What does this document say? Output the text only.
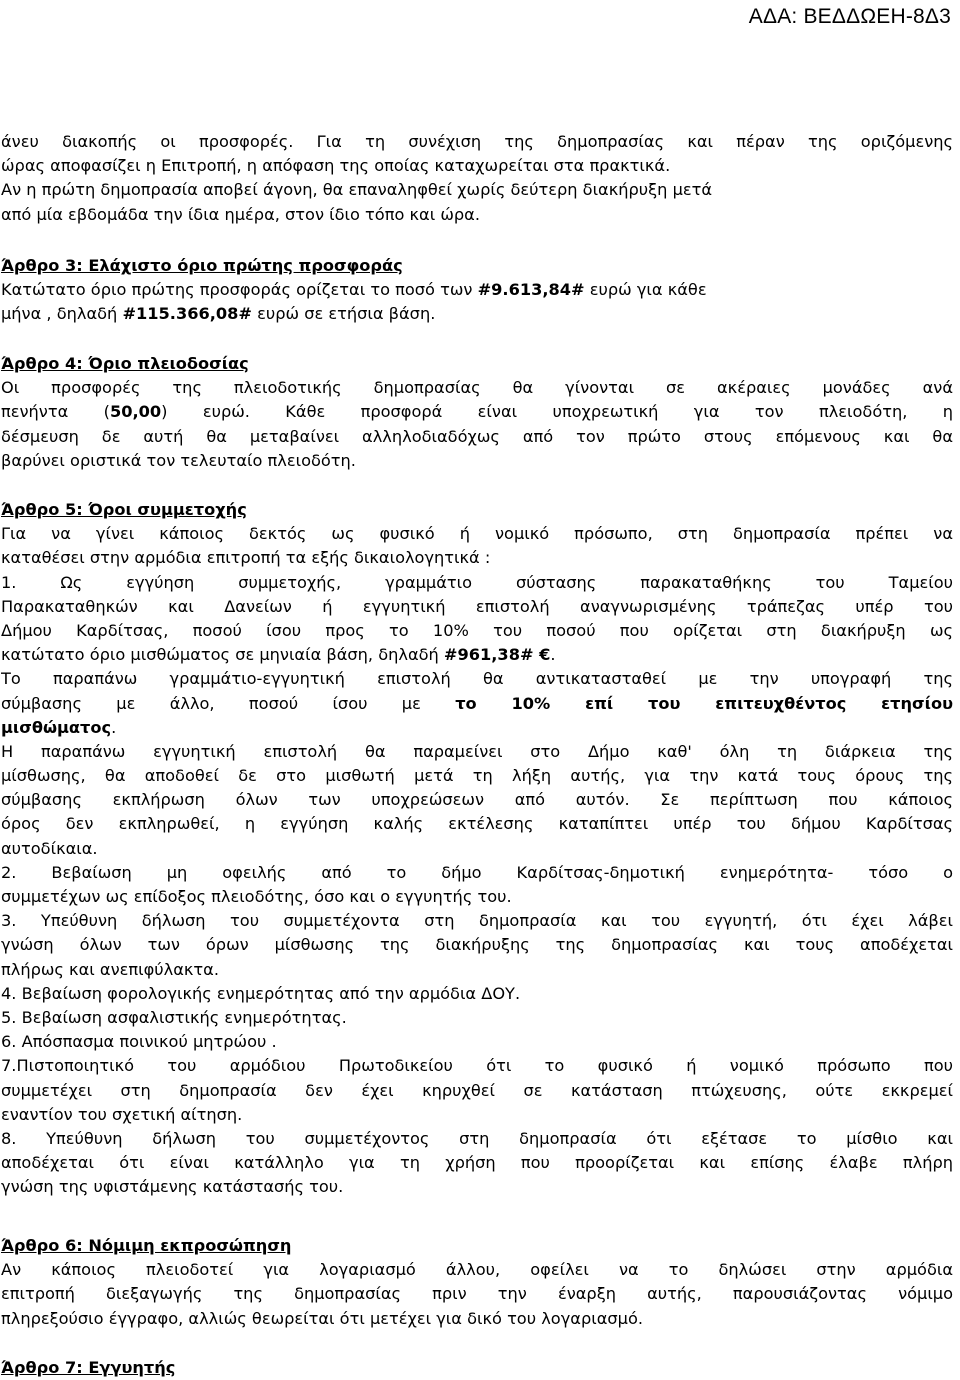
ΑΔΑ: ΒΕΔΔΩΕΗ-8Δ3
άνευ διακοπής οι προσφορές. Για τη συνέχιση της δημοπρασίας και πέραν της οριζόμενης
ώρας αποφασίζει η Επιτροπή, η απόφαση της οποίας καταχωρείται στα πρακτικά.
Αν η πρώτη δημοπρασία αποβεί άγονη, θα επαναληφθεί χωρίς δεύτερη διακήρυξη μετά
από μία εβδομάδα την ίδια ημέρα, στον ίδιο τόπο και ώρα.
Άρθρο 3: Ελάχιστο όριο πρώτης προσφοράς
Κατώτατο όριο πρώτης προσφοράς ορίζεται το ποσό των #9.613,84# ευρώ για κάθε
μήνα , δηλαδή #115.366,08# ευρώ σε ετήσια βάση.
Άρθρο 4: Όριο πλειοδοσίας
Οι προσφορές της πλειοδοτικής δημοπρασίας θα γίνονται σε ακέραιες μονάδες ανά
πενήντα (50,00) ευρώ. Κάθε προσφορά είναι υποχρεωτική για τον πλειοδότη, η
δέσμευση δε αυτή θα μεταβαίνει αλληλοδιαδόχως από τον πρώτο στους επόμενους και θα
βαρύνει οριστικά τον τελευταίο πλειοδότη.
Άρθρο 5: Όροι συμμετοχής
Για να γίνει κάποιος δεκτός ως φυσικό ή νομικό πρόσωπο, στη δημοπρασία πρέπει να
καταθέσει στην αρμόδια επιτροπή τα εξής δικαιολογητικά :
1. Ως εγγύηση συμμετοχής, γραμμάτιο σύστασης παρακαταθήκης του Ταμείου
Παρακαταθηκών και Δανείων ή εγγυητική επιστολή αναγνωρισμένης τράπεζας υπέρ του
Δήμου Καρδίτσας, ποσού ίσου προς το 10% του ποσού που ορίζεται στη διακήρυξη ως
κατώτατο όριο μισθώματος σε μηνιαία βάση, δηλαδή #961,38# €.
Το παραπάνω γραμμάτιο-εγγυητική επιστολή θα αντικατασταθεί με την υπογραφή της
σύμβασης με άλλο, ποσού ίσου με το 10% επί του επιτευχθέντος ετησίου
μισθώματος.
Η παραπάνω εγγυητική επιστολή θα παραμείνει στο Δήμο καθ' όλη τη διάρκεια της
μίσθωσης, θα αποδοθεί δε στο μισθωτή μετά τη λήξη αυτής, για την κατά τους όρους της
σύμβασης εκπλήρωση όλων των υποχρεώσεων από αυτόν. Σε περίπτωση που κάποιος
όρος δεν εκπληρωθεί, η εγγύηση καλής εκτέλεσης καταπίπτει υπέρ του δήμου Καρδίτσας
αυτοδίκαια.
2. Βεβαίωση μη οφειλής από το δήμο Καρδίτσας-δημοτική ενημερότητα- τόσο ο
συμμετέχων ως επίδοξος πλειοδότης, όσο και ο εγγυητής του.
3. Υπεύθυνη δήλωση του συμμετέχοντα στη δημοπρασία και του εγγυητή, ότι έχει λάβει
γνώση όλων των όρων μίσθωσης της διακήρυξης της δημοπρασίας και τους αποδέχεται
πλήρως και ανεπιφύλακτα.
4. Βεβαίωση φορολογικής ενημερότητας από την αρμόδια ΔΟΥ.
5. Βεβαίωση ασφαλιστικής ενημερότητας.
6. Απόσπασμα ποινικού μητρώου .
7.Πιστοποιητικό του αρμόδιου Πρωτοδικείου ότι το φυσικό ή νομικό πρόσωπο που
συμμετέχει στη δημοπρασία δεν έχει κηρυχθεί σε κατάσταση πτώχευσης, ούτε εκκρεμεί
εναντίον του σχετική αίτηση.
8. Υπεύθυνη δήλωση του συμμετέχοντος στη δημοπρασία ότι εξέτασε το μίσθιο και
αποδέχεται ότι είναι κατάλληλο για τη χρήση που προορίζεται και επίσης έλαβε πλήρη
γνώση της υφιστάμενης κατάστασής του.
Άρθρο 6: Νόμιμη εκπροσώπηση
Αν κάποιος πλειοδοτεί για λογαριασμό άλλου, οφείλει να το δηλώσει στην αρμόδια
επιτροπή διεξαγωγής της δημοπρασίας πριν την έναρξη αυτής, παρουσιάζοντας νόμιμο
πληρεξούσιο έγγραφο, αλλιώς θεωρείται ότι μετέχει για δικό του λογαριασμό.
Άρθρο 7: Εγγυητής
